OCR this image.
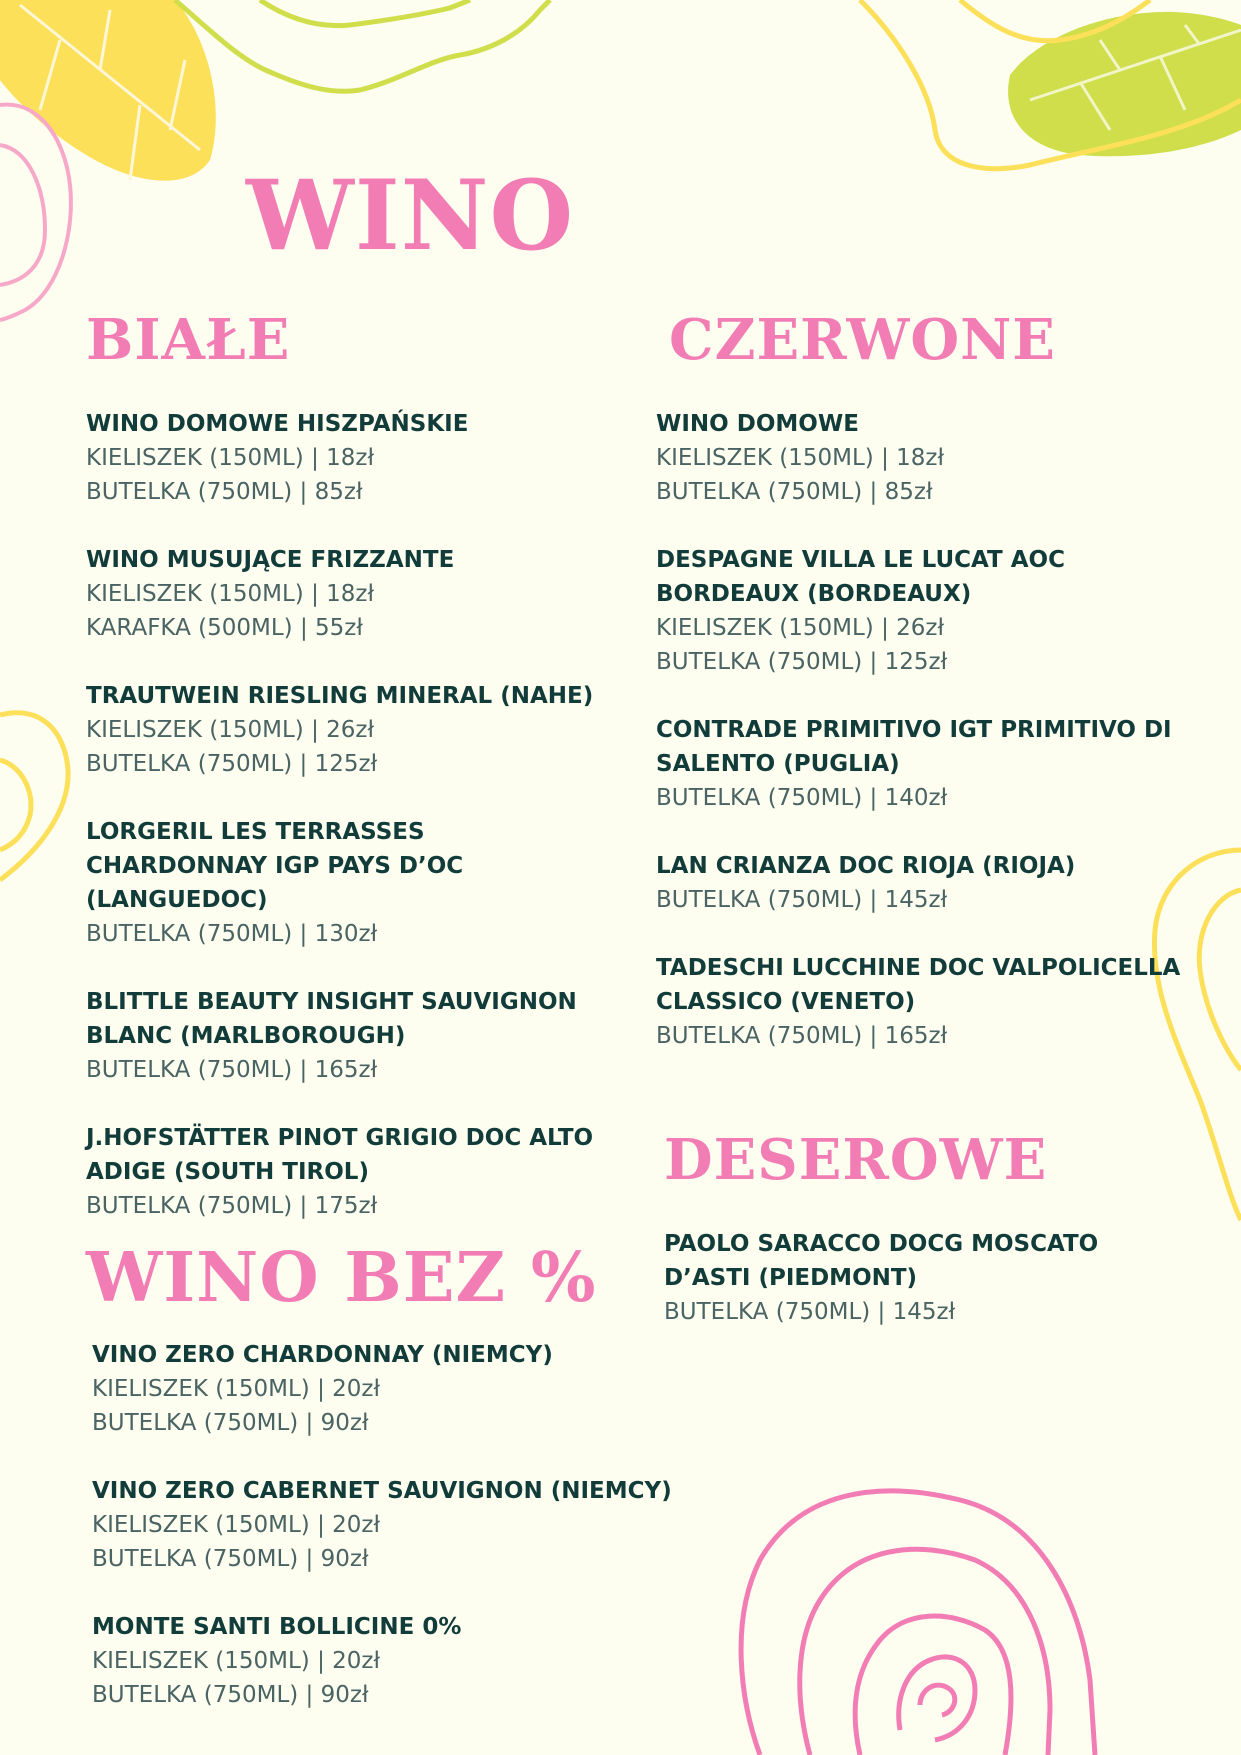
WINO
BIAŁE
WINO DOMOWE HISZPAŃSKIE
KIELISZEK (150ML) | 18zł
BUTELKA (750ML) | 85zł
WINO MUSUJĄCE FRIZZANTE
KIELISZEK (150ML) | 18zł
KARAFKA (500ML) | 55zł
TRAUTWEIN RIESLING MINERAL (NAHE)
KIELISZEK (150ML) | 26zł
BUTELKA (750ML) | 125zł
LORGERIL LES TERRASSES CHARDONNAY IGP PAYS D’OC (LANGUEDOC)
BUTELKA (750ML) | 130zł
BLITTLE BEAUTY INSIGHT SAUVIGNON BLANC (MARLBOROUGH)
BUTELKA (750ML) | 165zł
J.HOFSTÄTTER PINOT GRIGIO DOC ALTO ADIGE (SOUTH TIROL)
BUTELKA (750ML) | 175zł
CZERWONE
WINO DOMOWE
KIELISZEK (150ML) | 18zł
BUTELKA (750ML) | 85zł
DESPAGNE VILLA LE LUCAT AOC BORDEAUX (BORDEAUX)
KIELISZEK (150ML) | 26zł
BUTELKA (750ML) | 125zł
CONTRADE PRIMITIVO IGT PRIMITIVO DI SALENTO (PUGLIA)
BUTELKA (750ML) | 140zł
LAN CRIANZA DOC RIOJA (RIOJA)
BUTELKA (750ML) | 145zł
TADESCHI LUCCHINE DOC VALPOLICELLA CLASSICO (VENETO)
BUTELKA (750ML) | 165zł
DESEROWE
PAOLO SARACCO DOCG MOSCATO D’ASTI (PIEDMONT)
BUTELKA (750ML) | 145zł
WINO BEZ %
VINO ZERO CHARDONNAY (NIEMCY)
KIELISZEK (150ML) | 20zł
BUTELKA (750ML) | 90zł
VINO ZERO CABERNET SAUVIGNON (NIEMCY)
KIELISZEK (150ML) | 20zł
BUTELKA (750ML) | 90zł
MONTE SANTI BOLLICINE 0%
KIELISZEK (150ML) | 20zł
BUTELKA (750ML) | 90zł
